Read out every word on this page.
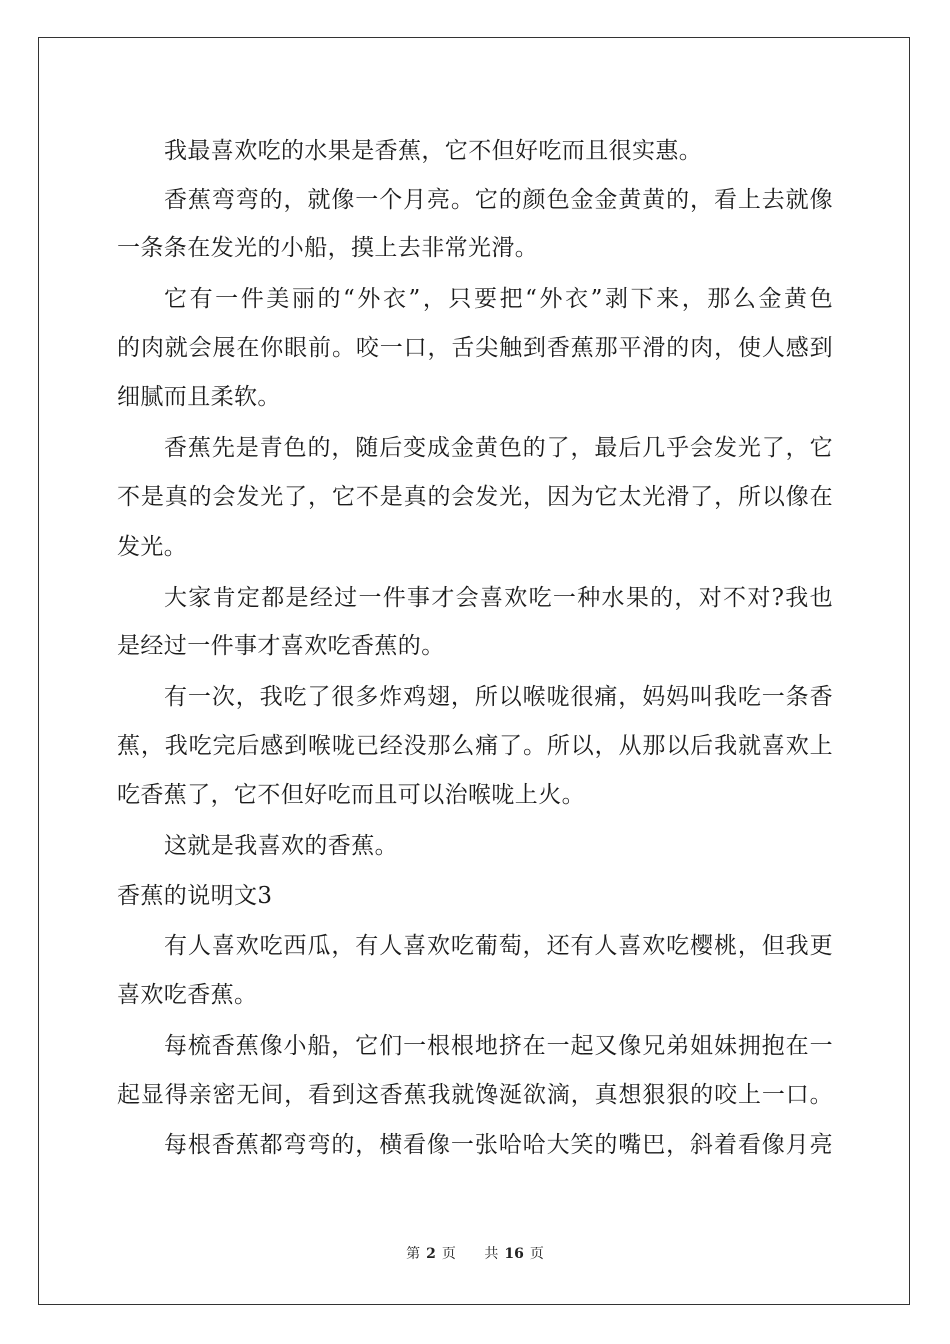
我最喜欢吃的水果是香蕉，它不但好吃而且很实惠。
香蕉弯弯的，就像一个月亮。它的颜色金金黄黄的，看上去就像
一条条在发光的小船，摸上去非常光滑。
它有一件美丽的“外衣”，只要把“外衣”剥下来，那么金黄色
的肉就会展在你眼前。咬一口，舌尖触到香蕉那平滑的肉，使人感到
细腻而且柔软。
香蕉先是青色的，随后变成金黄色的了，最后几乎会发光了，它
不是真的会发光了，它不是真的会发光，因为它太光滑了，所以像在
发光。
大家肯定都是经过一件事才会喜欢吃一种水果的，对不对?我也
是经过一件事才喜欢吃香蕉的。
有一次，我吃了很多炸鸡翅，所以喉咙很痛，妈妈叫我吃一条香
蕉，我吃完后感到喉咙已经没那么痛了。所以，从那以后我就喜欢上
吃香蕉了，它不但好吃而且可以治喉咙上火。
这就是我喜欢的香蕉。
香蕉的说明文3
有人喜欢吃西瓜，有人喜欢吃葡萄，还有人喜欢吃樱桃，但我更
喜欢吃香蕉。
每梳香蕉像小船，它们一根根地挤在一起又像兄弟姐妹拥抱在一
起显得亲密无间，看到这香蕉我就馋涎欲滴，真想狠狠的咬上一口。
每根香蕉都弯弯的，横看像一张哈哈大笑的嘴巴，斜着看像月亮
第 2 页 共 16 页
